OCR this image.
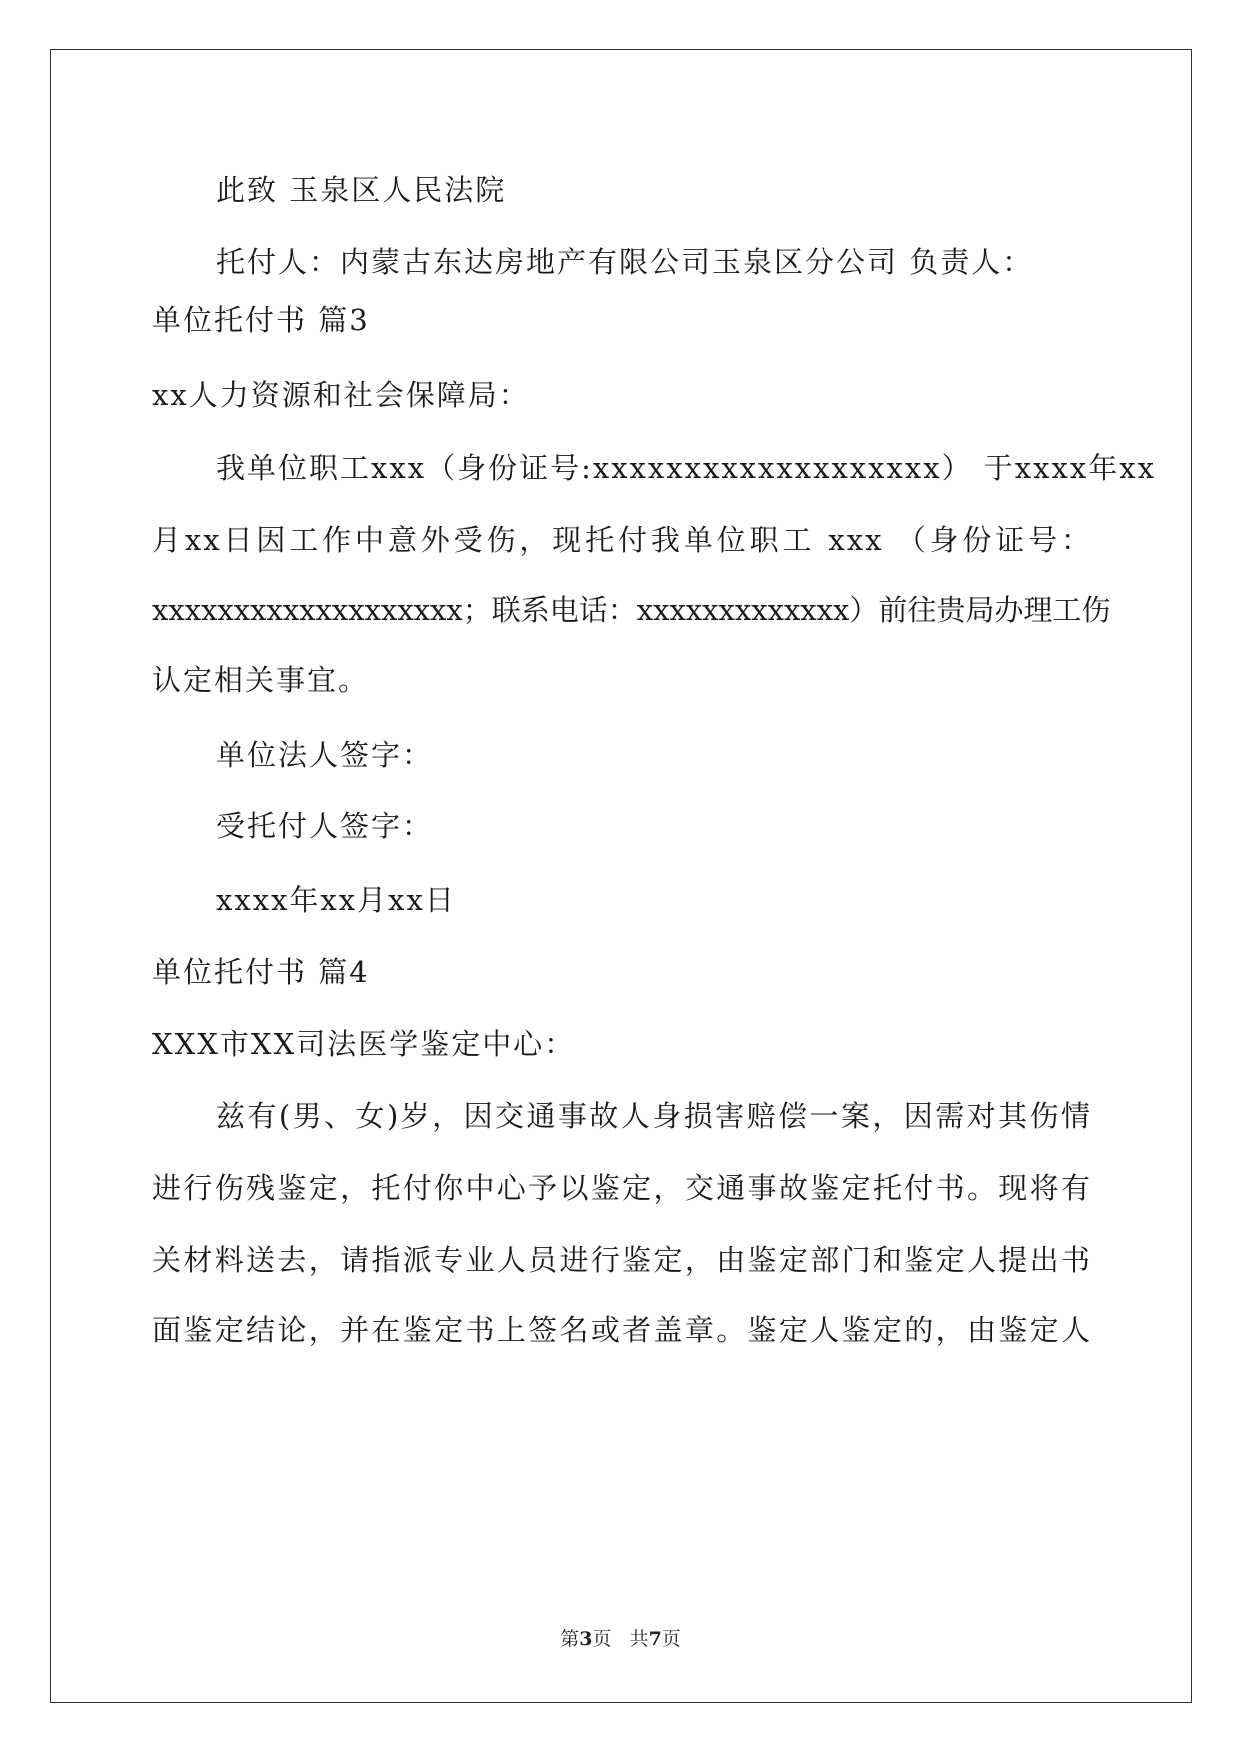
此致 玉泉区人民法院
托付人：内蒙古东达房地产有限公司玉泉区分公司 负责人：
单位托付书 篇3
xx人力资源和社会保障局：
我单位职工xxx（身份证号:xxxxxxxxxxxxxxxxxxx） 于xxxx年xx
月xx日因工作中意外受伤，现托付我单位职工 xxx （身份证号：
xxxxxxxxxxxxxxxxxxx；联系电话：xxxxxxxxxxxxx）前往贵局办理工伤
认定相关事宜。
单位法人签字：
受托付人签字：
xxxx年xx月xx日
单位托付书 篇4
XXX市XX司法医学鉴定中心：
兹有(男、女)岁，因交通事故人身损害赔偿一案，因需对其伤情
进行伤残鉴定，托付你中心予以鉴定，交通事故鉴定托付书。现将有
关材料送去，请指派专业人员进行鉴定，由鉴定部门和鉴定人提出书
面鉴定结论，并在鉴定书上签名或者盖章。鉴定人鉴定的，由鉴定人
第3页   共7页
